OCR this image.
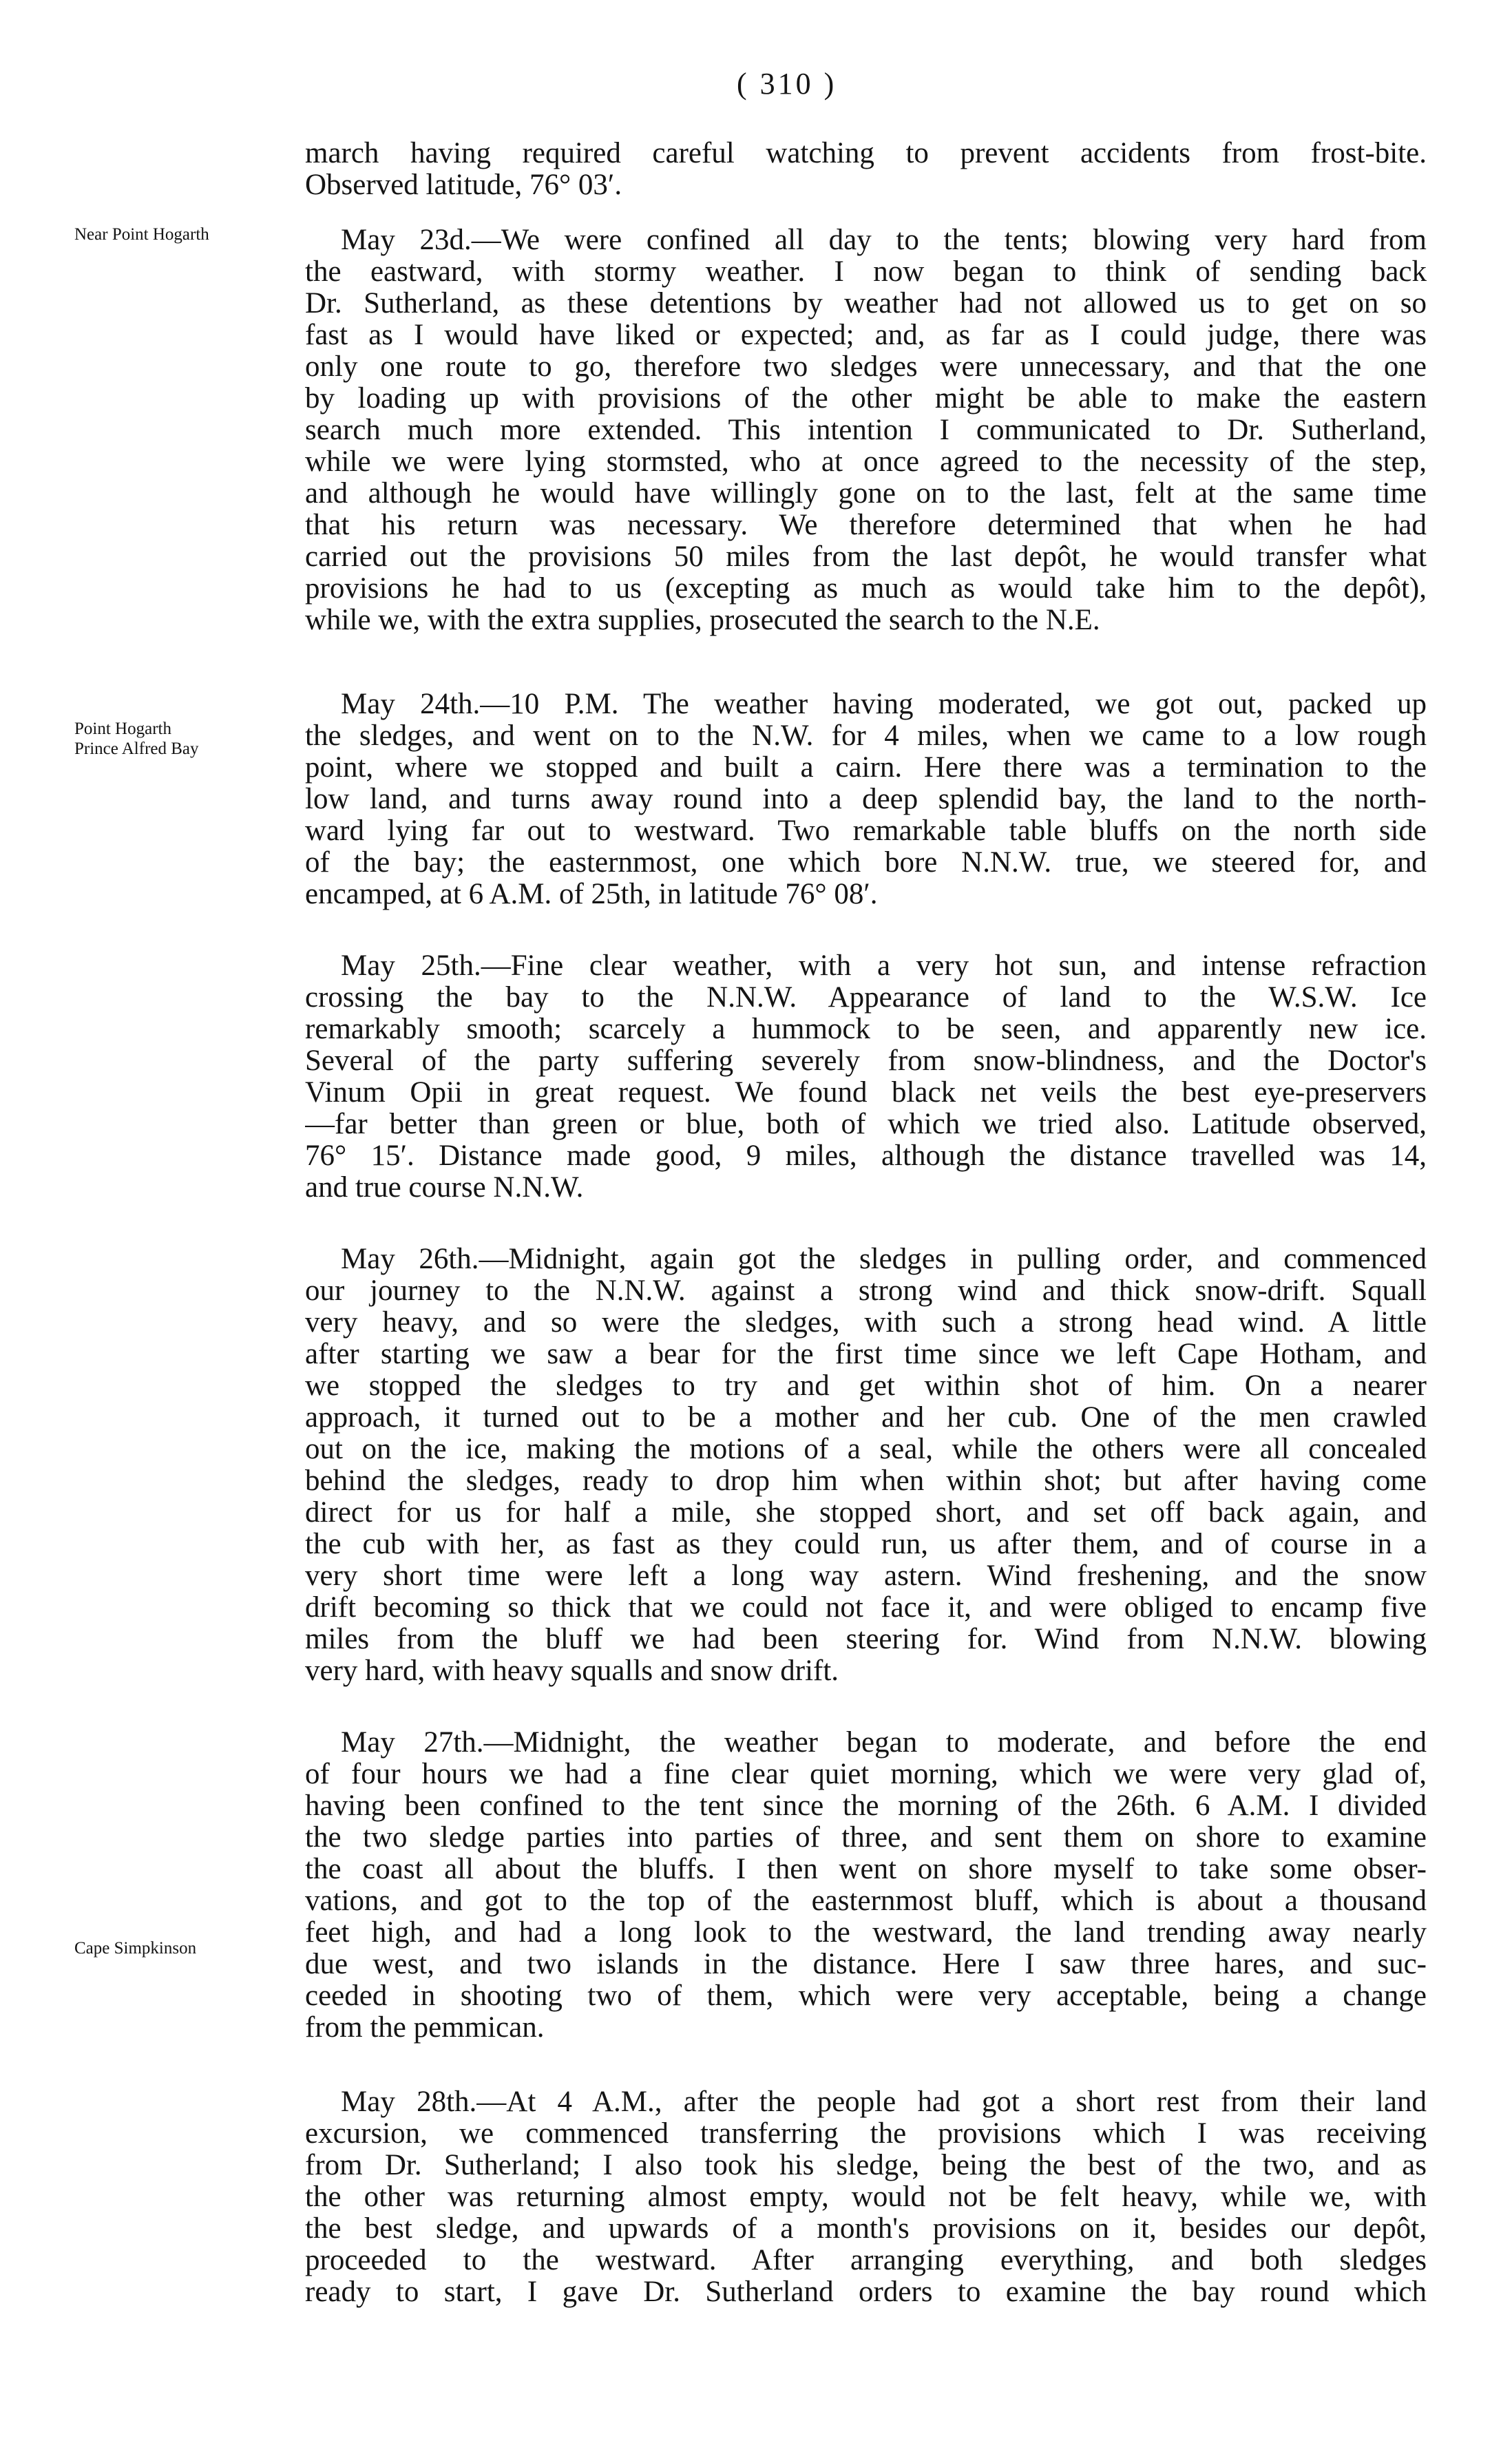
( 310 )
Near Point Hogarth
Point Hogarth
Prince Alfred Bay
Cape Simpkinson
march having required careful watching to prevent accidents from frost-bite.
Observed latitude, 76° 03′.
May 23d.—We were confined all day to the tents; blowing very hard from
the eastward, with stormy weather. I now began to think of sending back
Dr. Sutherland, as these detentions by weather had not allowed us to get on so
fast as I would have liked or expected; and, as far as I could judge, there was
only one route to go, therefore two sledges were unnecessary, and that the one
by loading up with provisions of the other might be able to make the eastern
search much more extended. This intention I communicated to Dr. Sutherland,
while we were lying stormsted, who at once agreed to the necessity of the step,
and although he would have willingly gone on to the last, felt at the same time
that his return was necessary. We therefore determined that when he had
carried out the provisions 50 miles from the last depôt, he would transfer what
provisions he had to us (excepting as much as would take him to the depôt),
while we, with the extra supplies, prosecuted the search to the N.E.
May 24th.—10 P.M. The weather having moderated, we got out, packed up
the sledges, and went on to the N.W. for 4 miles, when we came to a low rough
point, where we stopped and built a cairn. Here there was a termination to the
low land, and turns away round into a deep splendid bay, the land to the north-
ward lying far out to westward. Two remarkable table bluffs on the north side
of the bay; the easternmost, one which bore N.N.W. true, we steered for, and
encamped, at 6 A.M. of 25th, in latitude 76° 08′.
May 25th.—Fine clear weather, with a very hot sun, and intense refraction
crossing the bay to the N.N.W. Appearance of land to the W.S.W. Ice
remarkably smooth; scarcely a hummock to be seen, and apparently new ice.
Several of the party suffering severely from snow-blindness, and the Doctor's
Vinum Opii in great request. We found black net veils the best eye-preservers
—far better than green or blue, both of which we tried also. Latitude observed,
76° 15′. Distance made good, 9 miles, although the distance travelled was 14,
and true course N.N.W.
May 26th.—Midnight, again got the sledges in pulling order, and commenced
our journey to the N.N.W. against a strong wind and thick snow-drift. Squall
very heavy, and so were the sledges, with such a strong head wind. A little
after starting we saw a bear for the first time since we left Cape Hotham, and
we stopped the sledges to try and get within shot of him. On a nearer
approach, it turned out to be a mother and her cub. One of the men crawled
out on the ice, making the motions of a seal, while the others were all concealed
behind the sledges, ready to drop him when within shot; but after having come
direct for us for half a mile, she stopped short, and set off back again, and
the cub with her, as fast as they could run, us after them, and of course in a
very short time were left a long way astern. Wind freshening, and the snow
drift becoming so thick that we could not face it, and were obliged to encamp five
miles from the bluff we had been steering for. Wind from N.N.W. blowing
very hard, with heavy squalls and snow drift.
May 27th.—Midnight, the weather began to moderate, and before the end
of four hours we had a fine clear quiet morning, which we were very glad of,
having been confined to the tent since the morning of the 26th. 6 A.M. I divided
the two sledge parties into parties of three, and sent them on shore to examine
the coast all about the bluffs. I then went on shore myself to take some obser-
vations, and got to the top of the easternmost bluff, which is about a thousand
feet high, and had a long look to the westward, the land trending away nearly
due west, and two islands in the distance. Here I saw three hares, and suc-
ceeded in shooting two of them, which were very acceptable, being a change
from the pemmican.
May 28th.—At 4 A.M., after the people had got a short rest from their land
excursion, we commenced transferring the provisions which I was receiving
from Dr. Sutherland; I also took his sledge, being the best of the two, and as
the other was returning almost empty, would not be felt heavy, while we, with
the best sledge, and upwards of a month's provisions on it, besides our depôt,
proceeded to the westward. After arranging everything, and both sledges
ready to start, I gave Dr. Sutherland orders to examine the bay round which
